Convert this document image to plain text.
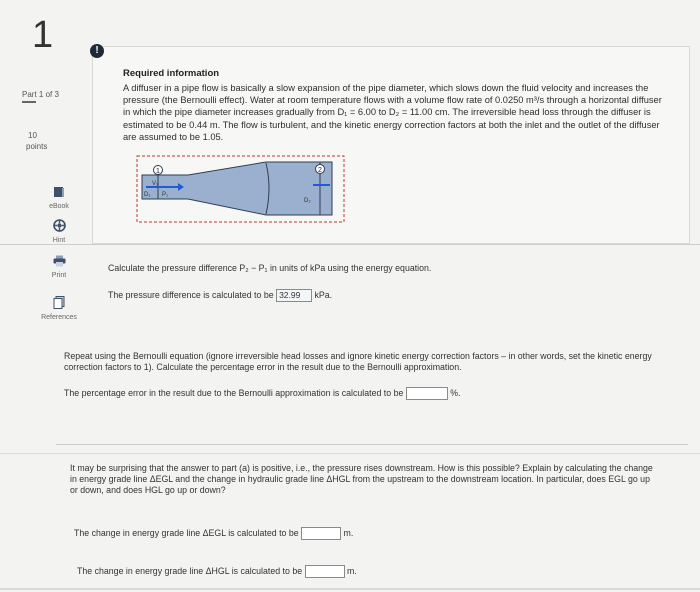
1
Part 1 of 3
10
points
eBook
Hint
Print
References
!
Required information
A diffuser in a pipe flow is basically a slow expansion of the pipe diameter, which slows down the fluid velocity and increases the pressure (the Bernoulli effect). Water at room temperature flows with a volume flow rate of 0.0250 m³/s through a horizontal diffuser in which the pipe diameter increases gradually from D₁ = 6.00 to D₂ = 11.00 cm. The irreversible head loss through the diffuser is estimated to be 0.44 m. The flow is turbulent, and the kinetic energy correction factors at both the inlet and the outlet of the diffuser are assumed to be 1.05.
1	2
V₁
P₁
D₂
D₁
Calculate the pressure difference P₂ − P₁ in units of kPa using the energy equation.
The pressure difference is calculated to be 32.99 kPa.
Repeat using the Bernoulli equation (ignore irreversible head losses and ignore kinetic energy correction factors – in other words, set the kinetic energy correction factors to 1). Calculate the percentage error in the result due to the Bernoulli approximation.
The percentage error in the result due to the Bernoulli approximation is calculated to be	%.
It may be surprising that the answer to part (a) is positive, i.e., the pressure rises downstream. How is this possible? Explain by calculating the change in energy grade line ΔEGL and the change in hydraulic grade line ΔHGL from the upstream to the downstream location. In particular, does EGL go up or down, and does HGL go up or down?
The change in energy grade line ΔEGL is calculated to be	m.
The change in energy grade line ΔHGL is calculated to be	m.
